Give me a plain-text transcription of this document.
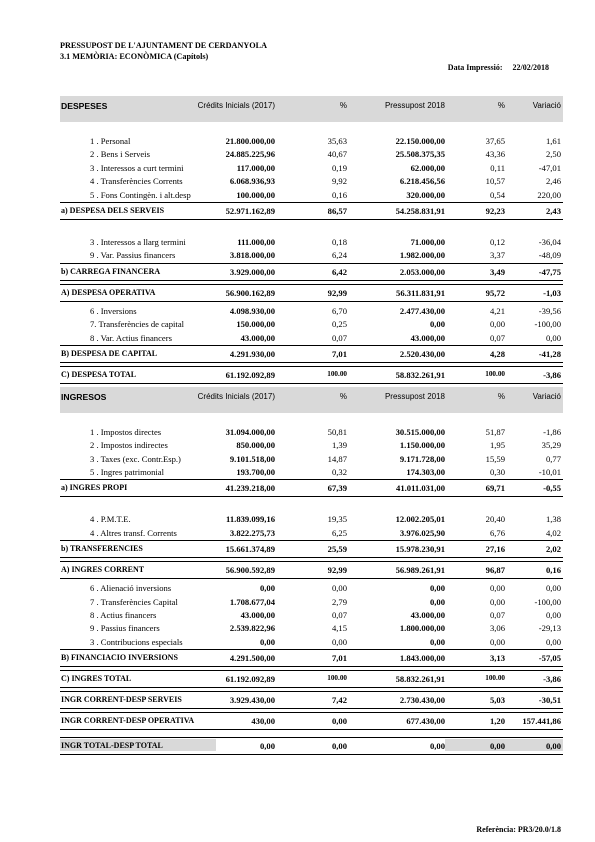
PRESSUPOST DE L'AJUNTAMENT DE CERDANYOLA
3.1 MEMÒRIA: ECONÒMICA (Capítols)
Data Impressió: 22/02/2018
DESPESES	Crédits Inicials (2017)	%	Pressupost 2018	%	Variació
1 . Personal	21.800.000,00	35,63	22.150.000,00	37,65	1,61
2 . Bens i Serveis	24.885.225,96	40,67	25.508.375,35	43,36	2,50
3 . Interessos a curt termini	117.000,00	0,19	62.000,00	0,11	-47,01
4 . Transferències Corrents	6.068.936,93	9,92	6.218.456,56	10,57	2,46
5 . Fons Contingèn. i alt.desp	100.000,00	0,16	320.000,00	0,54	220,00
a) DESPESA DELS SERVEIS	52.971.162,89	86,57	54.258.831,91	92,23	2,43
3 . Interessos a llarg termini	111.000,00	0,18	71.000,00	0,12	-36,04
9 . Var. Passius financers	3.818.000,00	6,24	1.982.000,00	3,37	-48,09
b) CARREGA FINANCERA	3.929.000,00	6,42	2.053.000,00	3,49	-47,75
A) DESPESA OPERATIVA	56.900.162,89	92,99	56.311.831,91	95,72	-1,03
6 . Inversions	4.098.930,00	6,70	2.477.430,00	4,21	-39,56
7. Transferències de capital	150.000,00	0,25	0,00	0,00	-100,00
8 . Var. Actius financers	43.000,00	0,07	43.000,00	0,07	0,00
B) DESPESA DE CAPITAL	4.291.930,00	7,01	2.520.430,00	4,28	-41,28
C) DESPESA TOTAL	61.192.092,89	100.00	58.832.261,91	100.00	-3,86
INGRESOS	Crédits Inicials (2017)	%	Pressupost 2018	%	Variació
1 . Impostos directes	31.094.000,00	50,81	30.515.000,00	51,87	-1,86
2 . Impostos indirectes	850.000,00	1,39	1.150.000,00	1,95	35,29
3 . Taxes (exc. Contr.Esp.)	9.101.518,00	14,87	9.171.728,00	15,59	0,77
5 . Ingres patrimonial	193.700,00	0,32	174.303,00	0,30	-10,01
a) INGRES PROPI	41.239.218,00	67,39	41.011.031,00	69,71	-0,55
4 . P.M.T.E.	11.839.099,16	19,35	12.002.205,01	20,40	1,38
4 . Altres transf. Corrents	3.822.275,73	6,25	3.976.025,90	6,76	4,02
b) TRANSFERENCIES	15.661.374,89	25,59	15.978.230,91	27,16	2,02
A) INGRES CORRENT	56.900.592,89	92,99	56.989.261,91	96,87	0,16
6 . Alienació inversions	0,00	0,00	0,00	0,00	0,00
7 . Transferències Capital	1.708.677,04	2,79	0,00	0,00	-100,00
8 . Actius financers	43.000,00	0,07	43.000,00	0,07	0,00
9 . Passius financers	2.539.822,96	4,15	1.800.000,00	3,06	-29,13
3 . Contribucions especials	0,00	0,00	0,00	0,00	0,00
B) FINANCIACIO INVERSIONS	4.291.500,00	7,01	1.843.000,00	3,13	-57,05
C) INGRES TOTAL	61.192.092,89	100.00	58.832.261,91	100.00	-3,86
INGR CORRENT-DESP SERVEIS	3.929.430,00	7,42	2.730.430,00	5,03	-30,51
INGR CORRENT-DESP OPERATIVA	430,00	0,00	677.430,00	1,20 157.441,86
INGR TOTAL-DESP TOTAL	0,00	0,00	0,00	0,00	0,00
Referència: PR3/20.0/1.8
